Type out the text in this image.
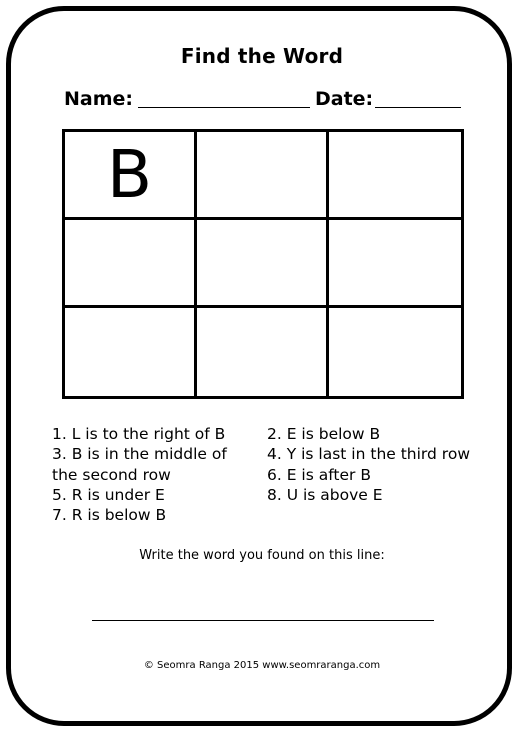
Find the Word
Name:	Date:
B

1. L is to the right of B

3. B is in the middle of the second row

5. R is under E

7. R is below B

2. E is below B

4. Y is last in the third row

6. E is after B

8. U is above E

Write the word you found on this line:
© Seomra Ranga 2015 www.seomraranga.com
